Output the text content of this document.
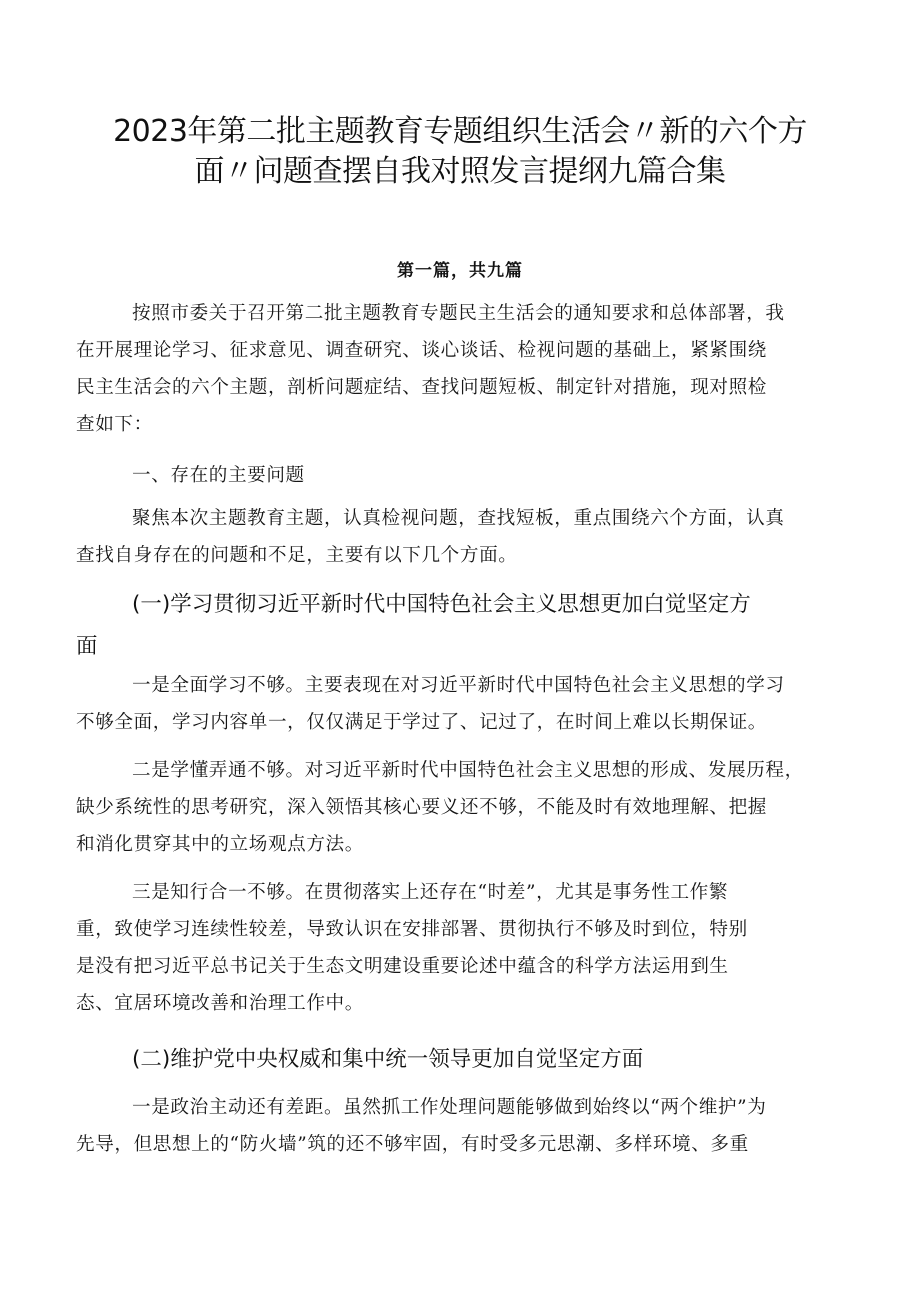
2023年第二批主题教育专题组织生活会〃新的六个方
面〃问题查摆自我对照发言提纲九篇合集
第一篇，共九篇
按照市委关于召开第二批主题教育专题民主生活会的通知要求和总体部署，我
在开展理论学习、征求意见、调查研究、谈心谈话、检视问题的基础上，紧紧围绕
民主生活会的六个主题，剖析问题症结、查找问题短板、制定针对措施，现对照检
查如下：
一、存在的主要问题
聚焦本次主题教育主题，认真检视问题，查找短板，重点围绕六个方面，认真
查找自身存在的问题和不足，主要有以下几个方面。
(一)学习贯彻习近平新时代中国特色社会主义思想更加白觉坚定方
面
一是全面学习不够。主要表现在对习近平新时代中国特色社会主义思想的学习
不够全面，学习内容单一，仅仅满足于学过了、记过了，在时间上难以长期保证。
二是学懂弄通不够。对习近平新时代中国特色社会主义思想的形成、发展历程，
缺少系统性的思考研究，深入领悟其核心要义还不够，不能及时有效地理解、把握
和消化贯穿其中的立场观点方法。
三是知行合一不够。在贯彻落实上还存在“时差”，尤其是事务性工作繁
重，致使学习连续性较差，导致认识在安排部署、贯彻执行不够及时到位，特别
是没有把习近平总书记关于生态文明建设重要论述中蕴含的科学方法运用到生
态、宜居环境改善和治理工作中。
(二)维护党中央权威和集中统一领导更加自觉坚定方面
一是政治主动还有差距。虽然抓工作处理问题能够做到始终以“两个维护”为
先导，但思想上的“防火墙”筑的还不够牢固，有时受多元思潮、多样环境、多重
